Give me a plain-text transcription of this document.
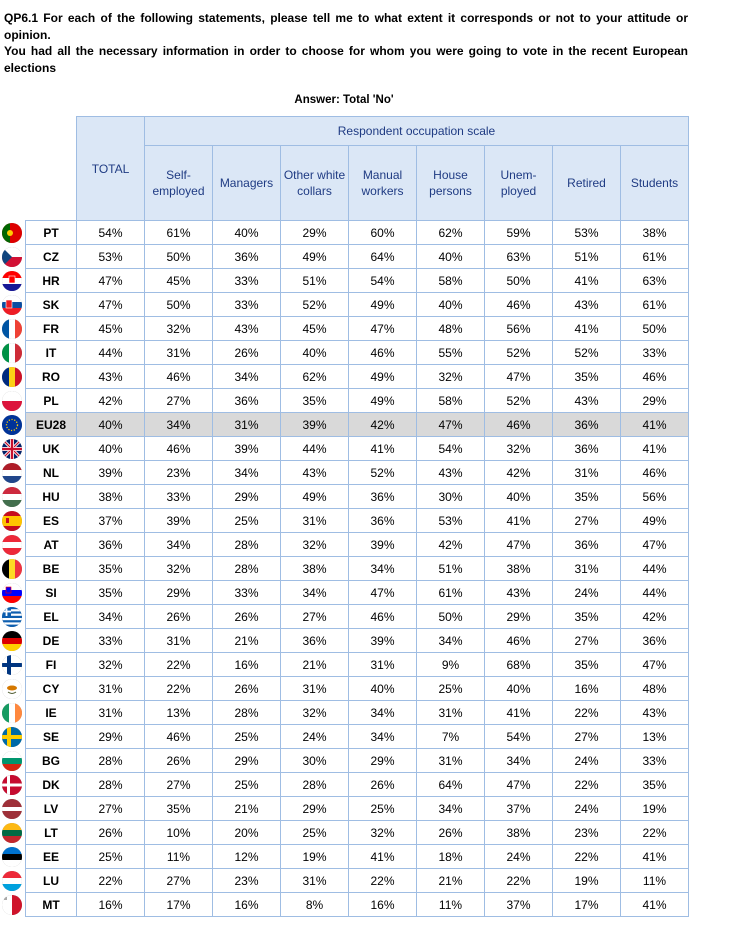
QP6.1 For each of the following statements, please tell me to what extent it corresponds or not to your attitude or opinion.

You had all the necessary information in order to choose for whom you were going to vote in the recent European elections

Answer: Total 'No'
		TOTAL	Respondent occupation scale							
			Self-employed	Managers	Other white collars	Manual workers	House persons	Unem-ployed	Retired	Students

	PT	54%	61%	40%	29%	60%	62%	59%	53%	38%

	CZ	53%	50%	36%	49%	64%	40%	63%	51%	61%

	HR	47%	45%	33%	51%	54%	58%	50%	41%	63%

	SK	47%	50%	33%	52%	49%	40%	46%	43%	61%

	FR	45%	32%	43%	45%	47%	48%	56%	41%	50%

	IT	44%	31%	26%	40%	46%	55%	52%	52%	33%

	RO	43%	46%	34%	62%	49%	32%	47%	35%	46%

	PL	42%	27%	36%	35%	49%	58%	52%	43%	29%

	EU28	40%	34%	31%	39%	42%	47%	46%	36%	41%

	UK	40%	46%	39%	44%	41%	54%	32%	36%	41%

	NL	39%	23%	34%	43%	52%	43%	42%	31%	46%

	HU	38%	33%	29%	49%	36%	30%	40%	35%	56%

	ES	37%	39%	25%	31%	36%	53%	41%	27%	49%

	AT	36%	34%	28%	32%	39%	42%	47%	36%	47%

	BE	35%	32%	28%	38%	34%	51%	38%	31%	44%

	SI	35%	29%	33%	34%	47%	61%	43%	24%	44%

	EL	34%	26%	26%	27%	46%	50%	29%	35%	42%

	DE	33%	31%	21%	36%	39%	34%	46%	27%	36%

	FI	32%	22%	16%	21%	31%	9%	68%	35%	47%

	CY	31%	22%	26%	31%	40%	25%	40%	16%	48%

	IE	31%	13%	28%	32%	34%	31%	41%	22%	43%

	SE	29%	46%	25%	24%	34%	7%	54%	27%	13%

	BG	28%	26%	29%	30%	29%	31%	34%	24%	33%

	DK	28%	27%	25%	28%	26%	64%	47%	22%	35%

	LV	27%	35%	21%	29%	25%	34%	37%	24%	19%

	LT	26%	10%	20%	25%	32%	26%	38%	23%	22%

	EE	25%	11%	12%	19%	41%	18%	24%	22%	41%

	LU	22%	27%	23%	31%	22%	21%	22%	19%	11%

	MT	16%	17%	16%	8%	16%	11%	37%	17%	41%
